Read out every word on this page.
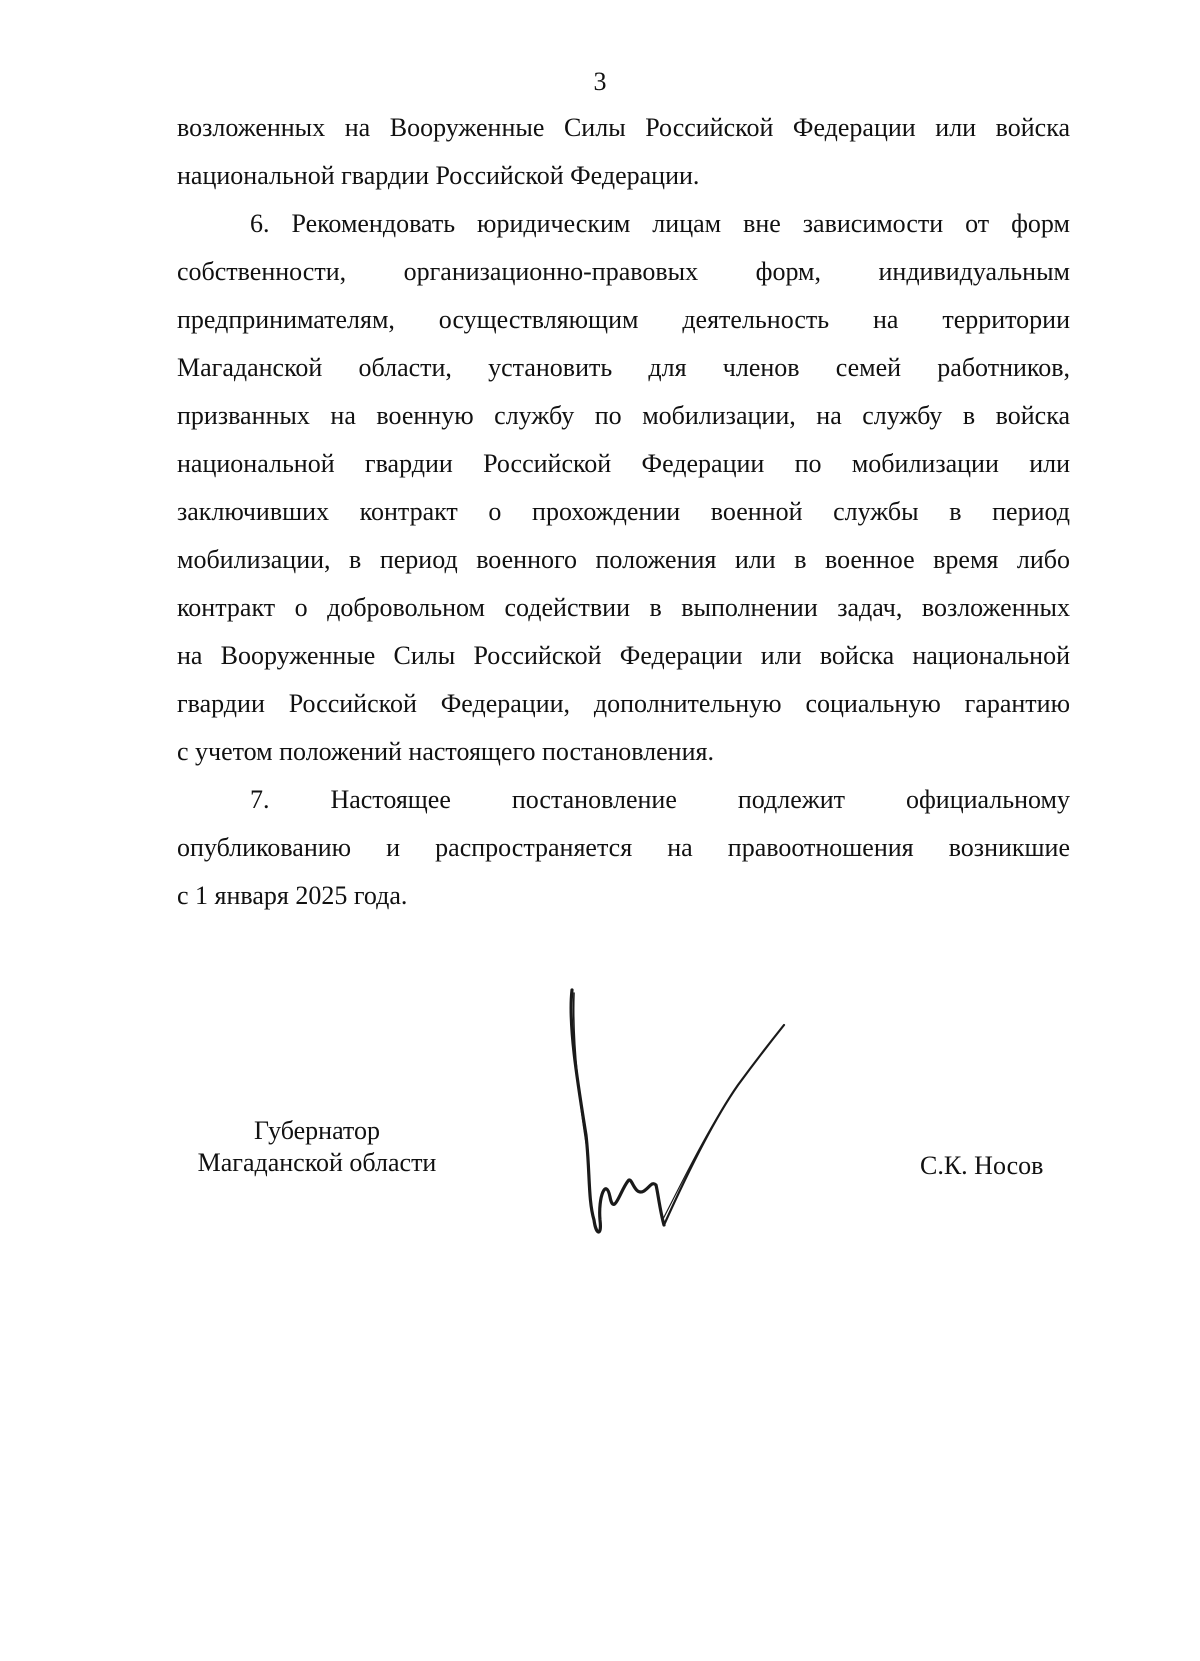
3
возложенных на Вооруженные Силы Российской Федерации или войска
национальной гвардии Российской Федерации.
6. Рекомендовать юридическим лицам вне зависимости от форм
собственности, организационно-правовых форм, индивидуальным
предпринимателям, осуществляющим деятельность на территории
Магаданской области, установить для членов семей работников,
призванных на военную службу по мобилизации, на службу в войска
национальной гвардии Российской Федерации по мобилизации или
заключивших контракт о прохождении военной службы в период
мобилизации, в период военного положения или в военное время либо
контракт о добровольном содействии в выполнении задач, возложенных
на Вооруженные Силы Российской Федерации или войска национальной
гвардии Российской Федерации, дополнительную социальную гарантию
с учетом положений настоящего постановления.
7. Настоящее постановление подлежит официальному
опубликованию и распространяется на правоотношения возникшие
с 1 января 2025 года.
Губернатор
Магаданской области	С.К. Носов
